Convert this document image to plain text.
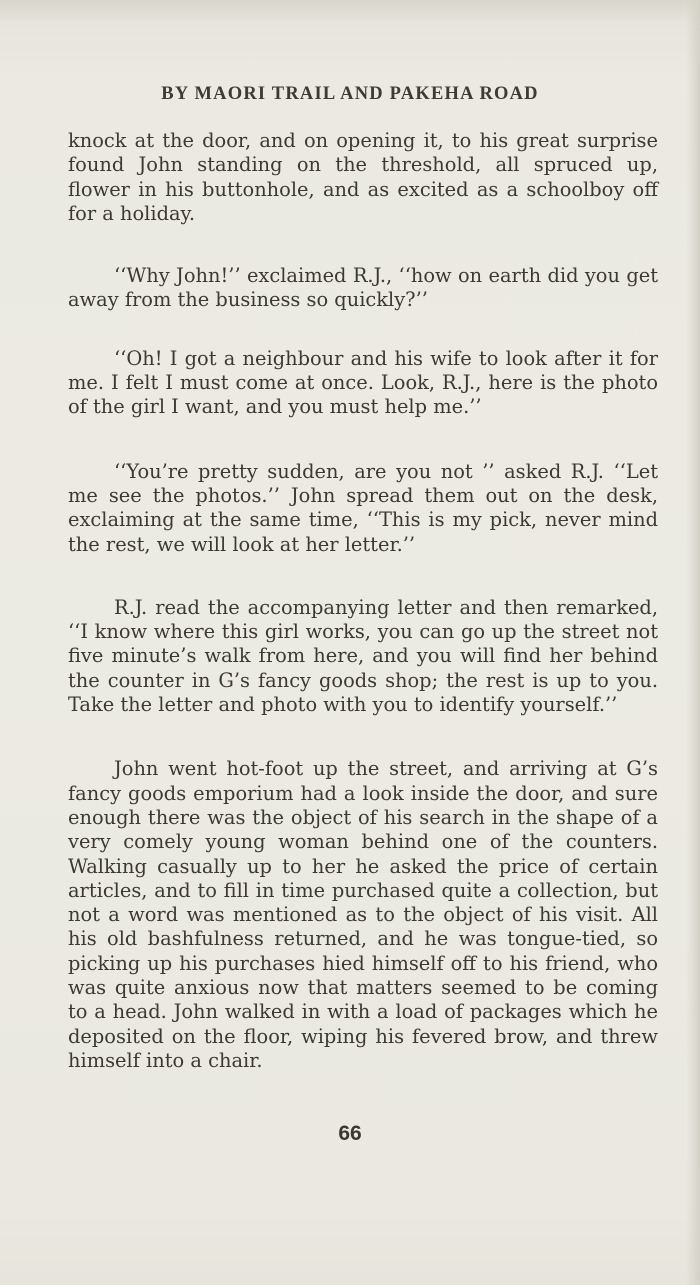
BY MAORI TRAIL AND PAKEHA ROAD

knock at the door, and on opening it, to his great surprise found John standing on the threshold, all spruced up, flower in his buttonhole, and as excited as a schoolboy off for a holiday.

‘‘Why John!’’ exclaimed R.J., ‘‘how on earth did you get away from the business so quickly?’’

‘‘Oh! I got a neighbour and his wife to look after it for me. I felt I must come at once. Look, R.J., here is the photo of the girl I want, and you must help me.’’

‘‘You’re pretty sudden, are you not ’’ asked R.J. ‘‘Let me see the photos.’’ John spread them out on the desk, exclaiming at the same time, ‘‘This is my pick, never mind the rest, we will look at her letter.’’

R.J. read the accompanying letter and then remarked, ‘‘I know where this girl works, you can go up the street not five minute’s walk from here, and you will find her behind the counter in G’s fancy goods shop; the rest is up to you. Take the letter and photo with you to identify yourself.’’

John went hot-foot up the street, and arriving at G’s fancy goods emporium had a look inside the door, and sure enough there was the object of his search in the shape of a very comely young woman behind one of the counters. Walking casually up to her he asked the price of certain articles, and to fill in time purchased quite a collection, but not a word was mentioned as to the object of his visit. All his old bashfulness returned, and he was tongue-tied, so picking up his purchases hied himself off to his friend, who was quite anxious now that matters seemed to be coming to a head. John walked in with a load of packages which he deposited on the floor, wiping his fevered brow, and threw himself into a chair.

66
